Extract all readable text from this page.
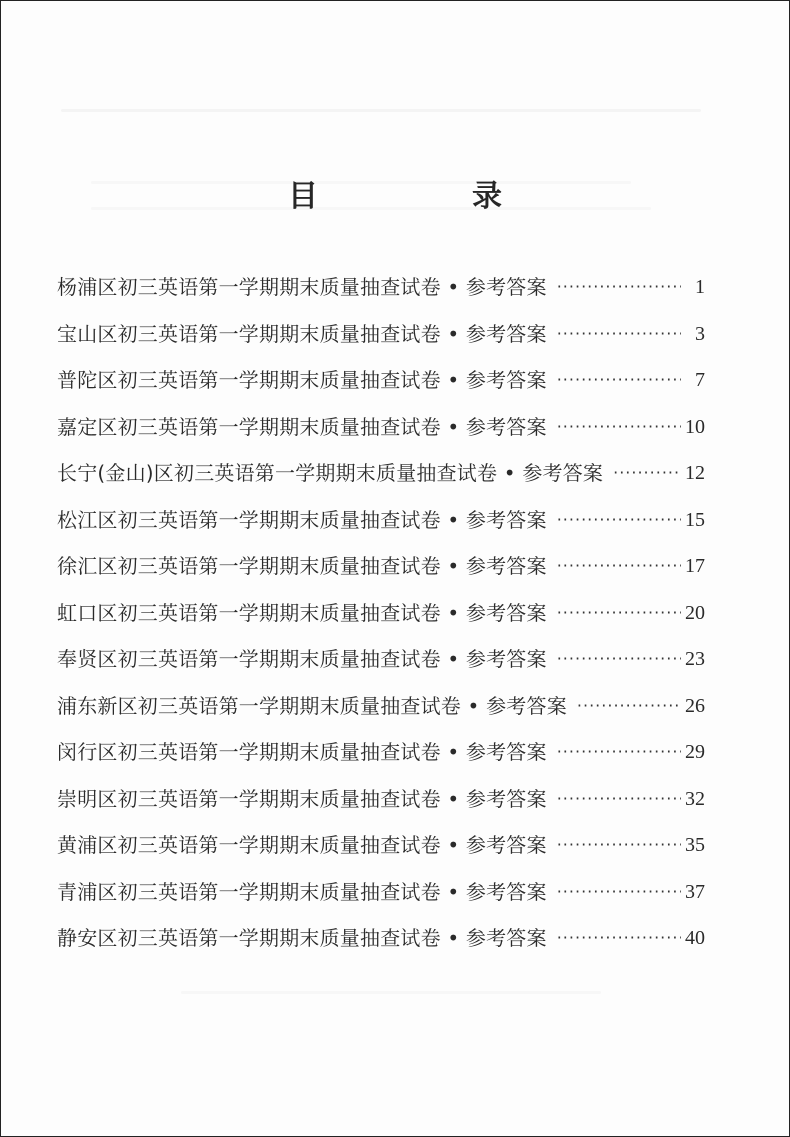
目　录
杨浦区初三英语第一学期期末质量抽查试卷 • 参考答案 ·····	1
宝山区初三英语第一学期期末质量抽查试卷 • 参考答案 ·····	3
普陀区初三英语第一学期期末质量抽查试卷 • 参考答案 ·····	7
嘉定区初三英语第一学期期末质量抽查试卷 • 参考答案 ·····	10
长宁(金山)区初三英语第一学期期末质量抽查试卷 • 参考答案 ·····	12
松江区初三英语第一学期期末质量抽查试卷 • 参考答案 ·····	15
徐汇区初三英语第一学期期末质量抽查试卷 • 参考答案 ·····	17
虹口区初三英语第一学期期末质量抽查试卷 • 参考答案 ·····	20
奉贤区初三英语第一学期期末质量抽查试卷 • 参考答案 ·····	23
浦东新区初三英语第一学期期末质量抽查试卷 • 参考答案 ·····	26
闵行区初三英语第一学期期末质量抽查试卷 • 参考答案 ·····	29
崇明区初三英语第一学期期末质量抽查试卷 • 参考答案 ·····	32
黄浦区初三英语第一学期期末质量抽查试卷 • 参考答案 ·····	35
青浦区初三英语第一学期期末质量抽查试卷 • 参考答案 ·····	37
静安区初三英语第一学期期末质量抽查试卷 • 参考答案 ·····	40
